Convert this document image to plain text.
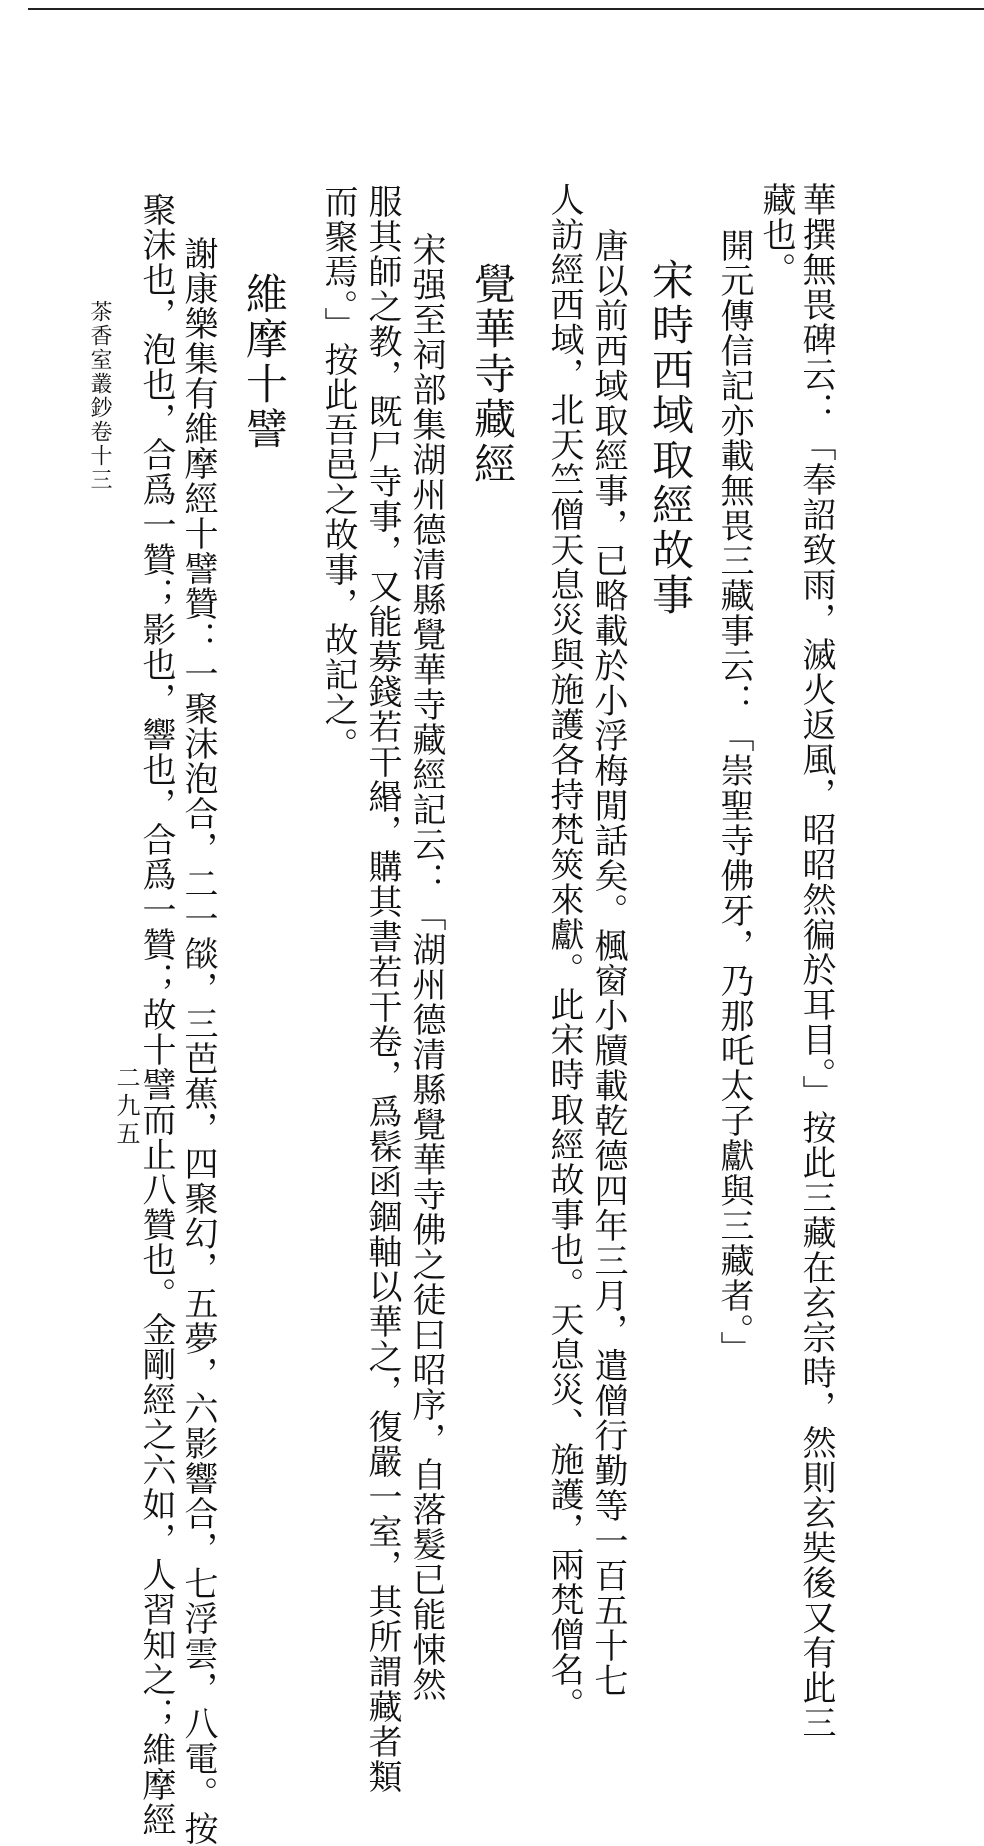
華撰無畏碑云：「奉詔致雨，滅火返風，昭昭然徧於耳目。」按此三藏在玄宗時，然則玄奘後又有此三
藏也。
開元傳信記亦載無畏三藏事云：「崇聖寺佛牙，乃那吒太子獻與三藏者。」
宋時西域取經故事
唐以前西域取經事，已略載於小浮梅閒話矣。楓窗小牘載乾德四年三月，遣僧行勤等一百五十七
人訪經西域，北天竺僧天息災與施護各持梵筴來獻。此宋時取經故事也。天息災、施護，兩梵僧名。
覺華寺藏經
宋强至祠部集湖州德清縣覺華寺藏經記云：「湖州德清縣覺華寺佛之徒曰昭序，自落髮已能悚然
服其師之教，既尸寺事，又能募錢若干緡，購其書若干卷，爲髹函錮軸以華之，復嚴一室，其所謂藏者類
而聚焉。」按此吾邑之故事，故記之。
維摩十譬
謝康樂集有維摩經十譬贊：一聚沫泡合，二一燄，三芭蕉，四聚幻，五夢，六影響合，七浮雲，八電。按
聚沫也，泡也，合爲一贊；影也，響也，合爲一贊；故十譬而止八贊也。金剛經之六如，人習知之；維摩經
茶香室叢鈔卷十三
二九五
